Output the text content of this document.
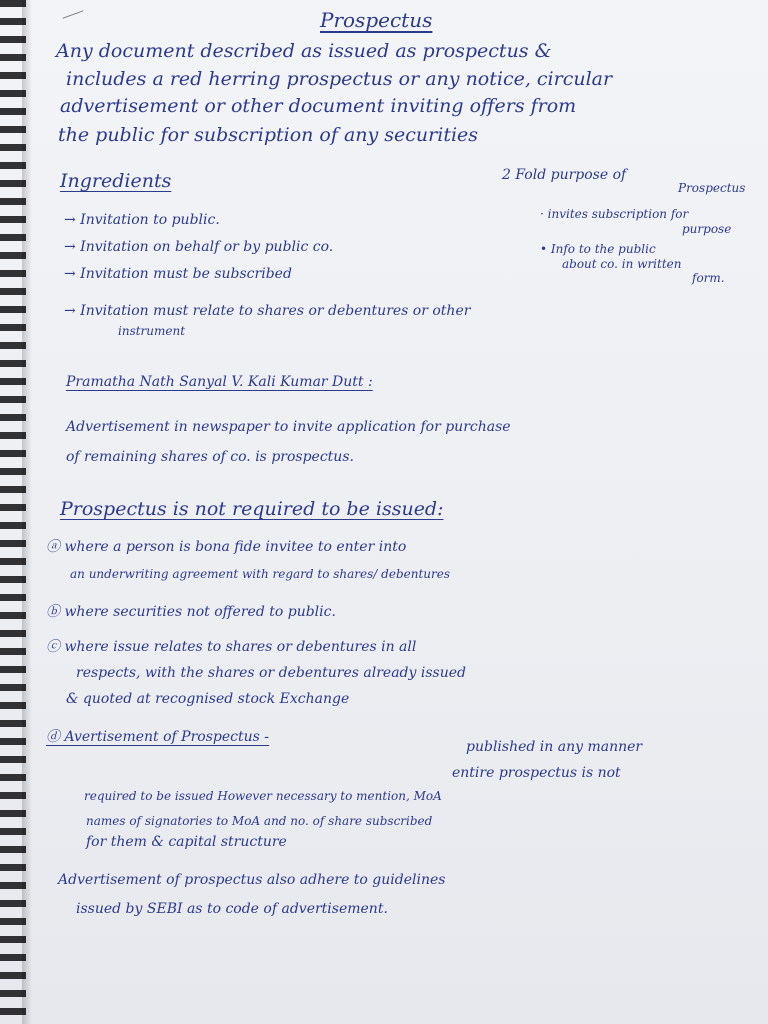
Prospectus
Any document described as issued as prospectus &
includes a red herring prospectus or any notice, circular
advertisement or other document inviting offers from
the public for subscription of any securities
Ingredients
→ Invitation to public.
→ Invitation on behalf or by public co.
→ Invitation must be subscribed
→ Invitation must relate to shares or debentures or other
instrument
2 Fold purpose of
Prospectus
· invites subscription for
purpose
• Info to the public
about co. in written
form.
Pramatha Nath Sanyal V. Kali Kumar Dutt :
Advertisement in newspaper to invite application for purchase
of remaining shares of co. is prospectus.
Prospectus is not required to be issued:
ⓐ where a person is bona fide invitee to enter into
an underwriting agreement with regard to shares/ debentures
ⓑ where securities not offered to public.
ⓒ where issue relates to shares or debentures in all
respects, with the shares or debentures already issued
& quoted at recognised stock Exchange
ⓓ Avertisement of Prospectus -
published in any manner
entire prospectus is not
required to be issued However necessary to mention, MoA
names of signatories to MoA and no. of share subscribed
for them & capital structure
Advertisement of prospectus also adhere to guidelines
issued by SEBI as to code of advertisement.
